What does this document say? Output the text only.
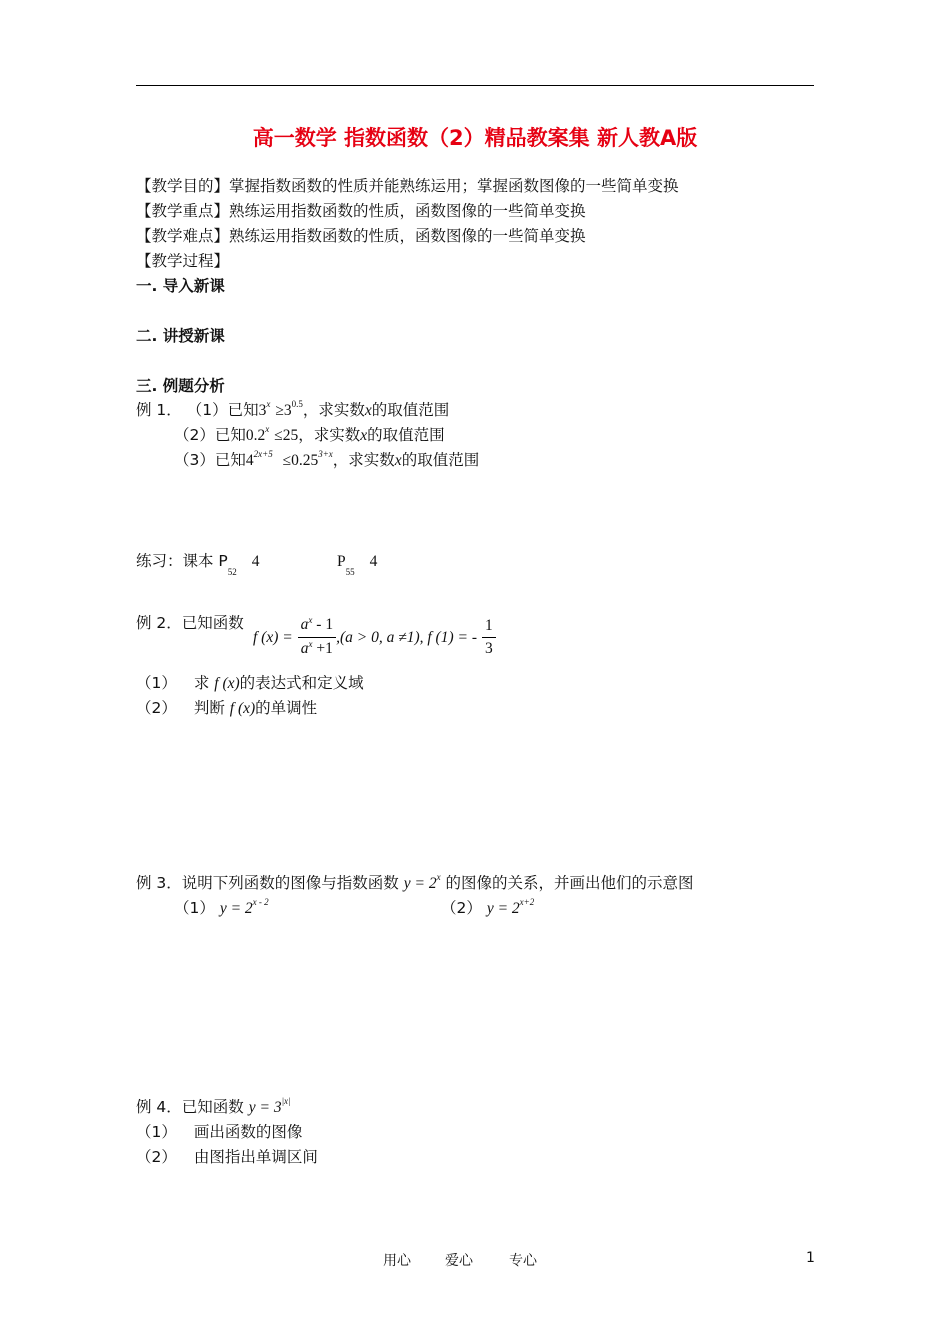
高一数学 指数函数（2）精品教案集 新人教A版
【教学目的】掌握指数函数的性质并能熟练运用；掌握函数图像的一些简单变换
【教学重点】熟练运用指数函数的性质，函数图像的一些简单变换
【教学难点】熟练运用指数函数的性质，函数图像的一些简单变换
【教学过程】
一. 导入新课
二. 讲授新课
三. 例题分析
例 1． （1）已知$3^x \ge 3^{0.5}$，求实数x的取值范围
（2）已知$0.2^x \le 25$，求实数x的取值范围
（3）已知$4^{2x+5} \le 0.25^{3+x}$，求实数x的取值范围
练习：课本 $P_{52}$ 4	$P_{55}$ 4
例 2．已知函数
f $(x) = \frac{a^x - 1}{a^x +1} ,(a > 0$, a ≠1), f (1) = - $\frac{1}{3}$
（1） 求 f (x)的表达式和定义域
（2） 判断 f (x)的单调性
例 3．说明下列函数的图像与指数函数 $y = 2^x$ 的图像的关系，并画出他们的示意图
（1） $y = 2^{x - 2}$	（2） $y = 2^{x+2}$
例 4．已知函数 $y = 3^{|x|}$
（1） 画出函数的图像
（2） 由图指出单调区间
用心 爱心	专心	1
